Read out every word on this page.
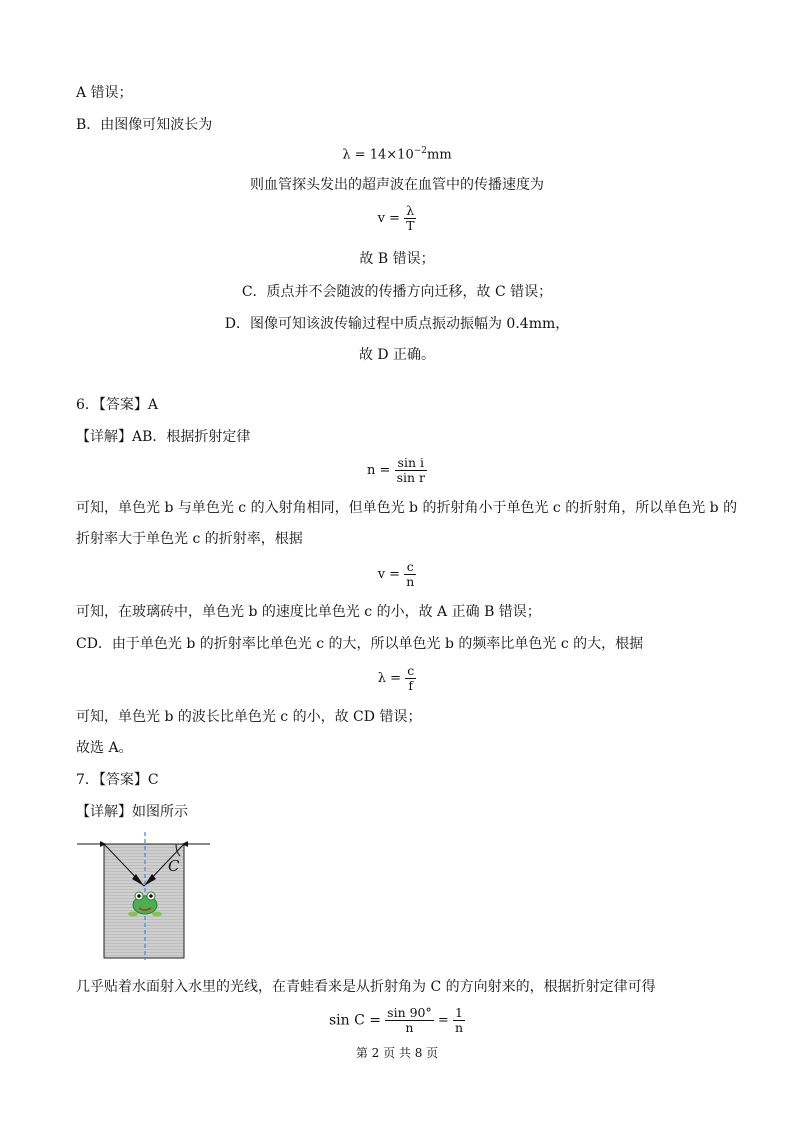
A 错误；
B．由图像可知波长为
$\lambda = 14\times 10^{-2}mm$
则血管探头发出的超声波在血管中的传播速度为
$v = \frac{\lambda}{T}$
故 B 错误；
C．质点并不会随波的传播方向迁移，故 C 错误；
D．图像可知该波传输过程中质点振动振幅为 0.4mm，
故 D 正确。
6．【答案】A
【详解】AB．根据折射定律
$n = \frac{\text{sin i}}{\text{sin r}}$
可知，单色光 b 与单色光 c 的入射角相同，但单色光 b 的折射角小于单色光 c 的折射角，所以单色光 b 的
折射率大于单色光 c 的折射率，根据
$v = \frac{c}{n}$
可知，在玻璃砖中，单色光 b 的速度比单色光 c 的小，故 A 正确 B 错误；
CD．由于单色光 b 的折射率比单色光 c 的大，所以单色光 b 的频率比单色光 c 的大，根据
$\lambda = \frac{c}{f}$
可知，单色光 b 的波长比单色光 c 的小，故 CD 错误；
故选 A。
7．【答案】C
【详解】如图所示
C
几乎贴着水面射入水里的光线，在青蛙看来是从折射角为 C 的方向射来的，根据折射定律可得
$\sin C = \frac{\sin 90^\circ}{n} = \frac{1}{n}$
第 2 页 共 8 页
